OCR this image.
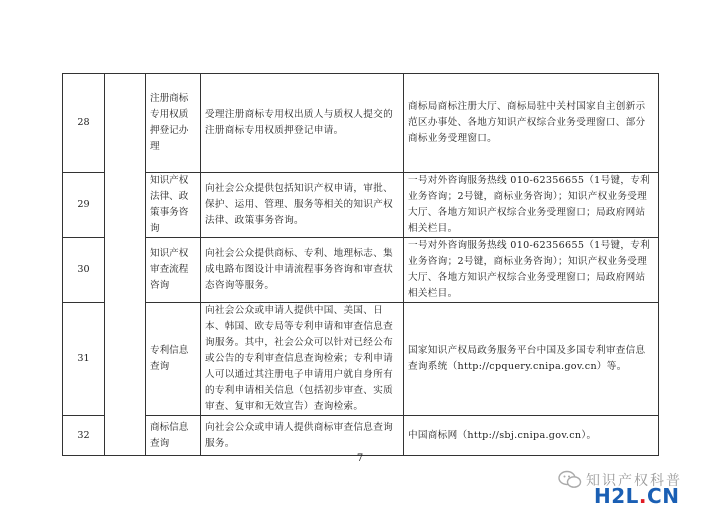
28		注册商标专用权质押登记办理	受理注册商标专用权出质人与质权人提交的注册商标专用权质押登记申请。	商标局商标注册大厅、商标局驻中关村国家自主创新示范区办事处、各地方知识产权综合业务受理窗口、部分商标业务受理窗口。
29		知识产权法律、政策事务咨询	向社会公众提供包括知识产权申请，审批、保护、运用、管理、服务等相关的知识产权法律、政策事务咨询。	一号对外咨询服务热线 010-62356655（1号键，专利业务咨询；2号键，商标业务咨询）；知识产权业务受理大厅、各地方知识产权综合业务受理窗口；局政府网站相关栏目。
30		知识产权审查流程咨询	向社会公众提供商标、专利、地理标志、集成电路布图设计申请流程事务咨询和审查状态咨询等服务。	一号对外咨询服务热线 010-62356655（1号键，专利业务咨询；2号键，商标业务咨询）；知识产权业务受理大厅、各地方知识产权综合业务受理窗口；局政府网站相关栏目。
31		专利信息查询	向社会公众或申请人提供中国、美国、日本、韩国、欧专局等专利申请和审查信息查询服务。其中，社会公众可以针对已经公布或公告的专利审查信息查询检索；专利申请人可以通过其注册电子申请用户就自身所有的专利申请相关信息（包括初步审查、实质审查、复审和无效宣告）查询检索。	国家知识产权局政务服务平台中国及多国专利审查信息查询系统（http://cpquery.cnipa.gov.cn）等。
32		商标信息查询	向社会公众或申请人提供商标审查信息查询服务。	中国商标网（http://sbj.cnipa.gov.cn）。
7
知识产权科普
H2L.CN
